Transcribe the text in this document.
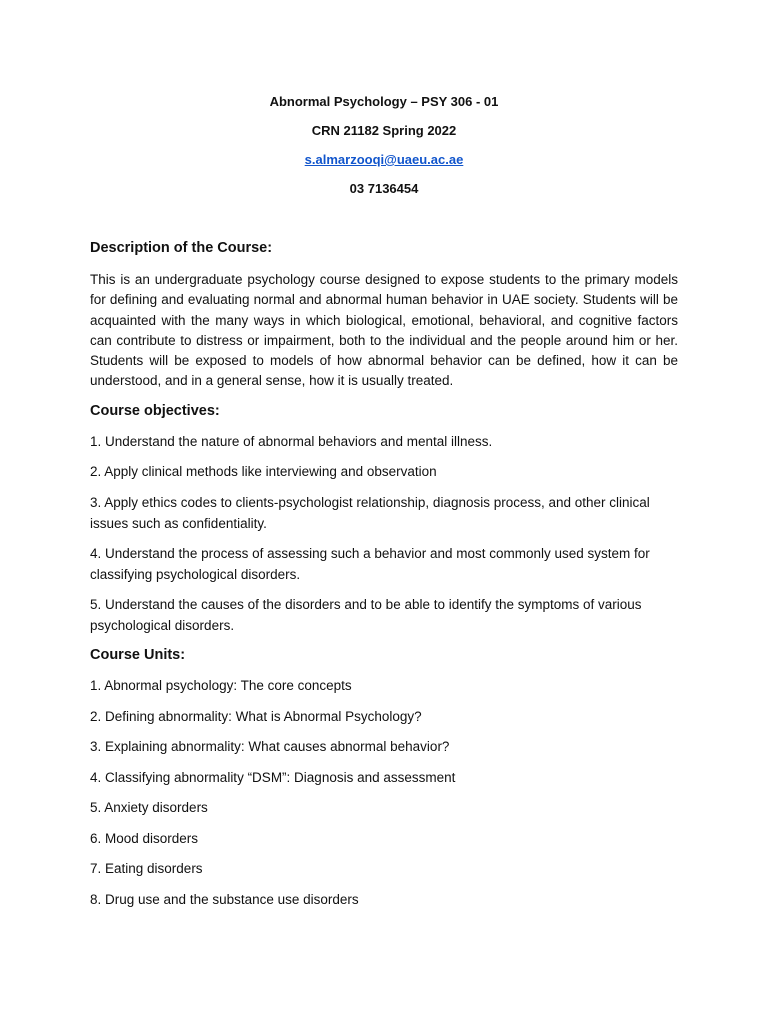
Abnormal Psychology – PSY 306 - 01
CRN 21182 Spring 2022
s.almarzooqi@uaeu.ac.ae
03 7136454
Description of the Course:
This is an undergraduate psychology course designed to expose students to the primary models for defining and evaluating normal and abnormal human behavior in UAE society. Students will be acquainted with the many ways in which biological, emotional, behavioral, and cognitive factors can contribute to distress or impairment, both to the individual and the people around him or her. Students will be exposed to models of how abnormal behavior can be defined, how it can be understood, and in a general sense, how it is usually treated.
Course objectives:
1. Understand the nature of abnormal behaviors and mental illness.
2. Apply clinical methods like interviewing and observation
3. Apply ethics codes to clients-psychologist relationship, diagnosis process, and other clinical issues such as confidentiality.
4. Understand the process of assessing such a behavior and most commonly used system for classifying psychological disorders.
5. Understand the causes of the disorders and to be able to identify the symptoms of various psychological disorders.
Course Units:
1. Abnormal psychology: The core concepts
2. Defining abnormality: What is Abnormal Psychology?
3. Explaining abnormality: What causes abnormal behavior?
4. Classifying abnormality “DSM”: Diagnosis and assessment
5. Anxiety disorders
6. Mood disorders
7. Eating disorders
8. Drug use and the substance use disorders
